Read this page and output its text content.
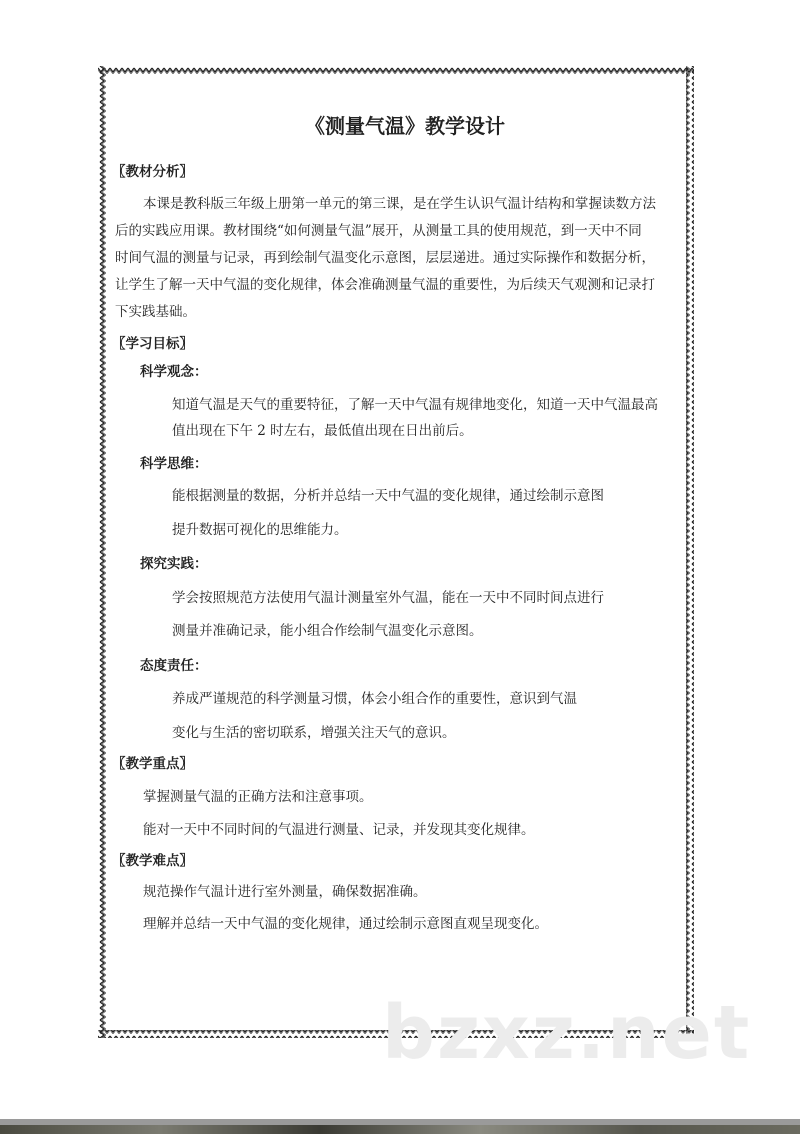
《测量气温》教学设计
〖教材分析〗
本课是教科版三年级上册第一单元的第三课，是在学生认识气温计结构和掌握读数方法
后的实践应用课。教材围绕“如何测量气温”展开，从测量工具的使用规范，到一天中不同
时间气温的测量与记录，再到绘制气温变化示意图，层层递进。通过实际操作和数据分析，
让学生了解一天中气温的变化规律，体会准确测量气温的重要性，为后续天气观测和记录打
下实践基础。
〖学习目标〗
科学观念：
知道气温是天气的重要特征，了解一天中气温有规律地变化，知道一天中气温最高
值出现在下午 2 时左右，最低值出现在日出前后。
科学思维：
能根据测量的数据，分析并总结一天中气温的变化规律，通过绘制示意图
提升数据可视化的思维能力。
探究实践：
学会按照规范方法使用气温计测量室外气温，能在一天中不同时间点进行
测量并准确记录，能小组合作绘制气温变化示意图。
态度责任：
养成严谨规范的科学测量习惯，体会小组合作的重要性，意识到气温
变化与生活的密切联系，增强关注天气的意识。
〖教学重点〗
掌握测量气温的正确方法和注意事项。
能对一天中不同时间的气温进行测量、记录，并发现其变化规律。
〖教学难点〗
规范操作气温计进行室外测量，确保数据准确。
理解并总结一天中气温的变化规律，通过绘制示意图直观呈现变化。
bzxz.net
